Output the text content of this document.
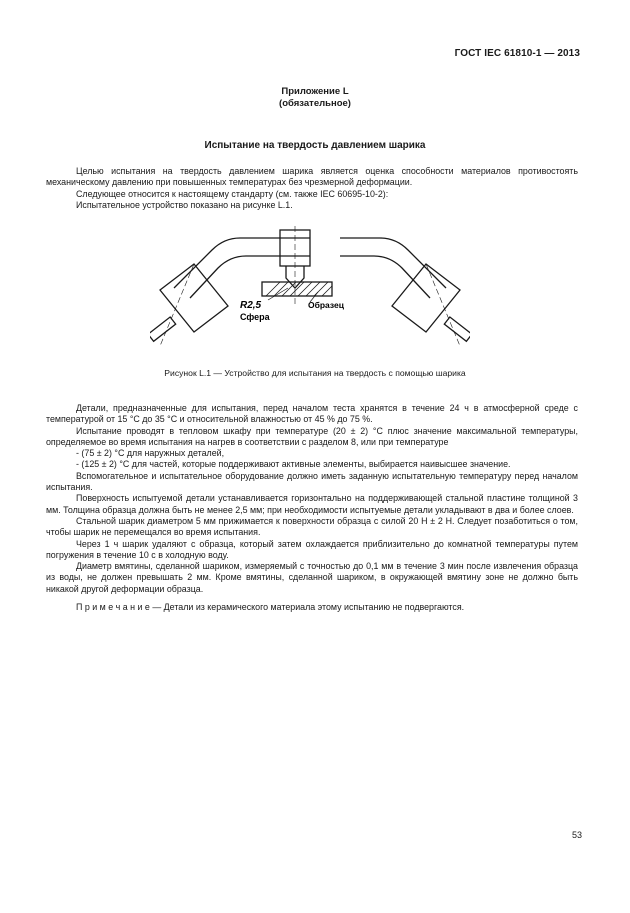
ГОСТ IEC 61810-1 — 2013
Приложение L
(обязательное)
Испытание на твердость давлением шарика

Целью испытания на твердость давлением шарика является оценка способности материалов противостоять механическому давлению при повышенных температурах без чрезмерной деформации.

Следующее относится к настоящему стандарту (см. также IEC 60695-10-2):

Испытательное устройство показано на рисунке L.1.

R2,5
Сфера
Образец
Рисунок L.1 — Устройство для испытания на твердость с помощью шарика

Детали, предназначенные для испытания, перед началом теста хранятся в течение 24 ч в атмосферной среде с температурой от 15 °С до 35 °С и относительной влажностью от 45 % до 75 %.

Испытание проводят в тепловом шкафу при температуре (20 ± 2) °С плюс значение максимальной температуры, определяемое во время испытания на нагрев в соответствии с разделом 8, или при температуре

- (75 ± 2) °С для наружных деталей,

- (125 ± 2) °С для частей, которые поддерживают активные элементы, выбирается наивысшее значение.

Вспомогательное и испытательное оборудование должно иметь заданную испытательную температуру перед началом испытания.

Поверхность испытуемой детали устанавливается горизонтально на поддерживающей стальной пластине толщиной 3 мм. Толщина образца должна быть не менее 2,5 мм; при необходимости испытуемые детали укладывают в два и более слоев.

Стальной шарик диаметром 5 мм прижимается к поверхности образца с силой 20 Н ± 2 Н. Следует позаботиться о том, чтобы шарик не перемещался во время испытания.

Через 1 ч шарик удаляют с образца, который затем охлаждается приблизительно до комнатной температуры путем погружения в течение 10 с в холодную воду.

Диаметр вмятины, сделанной шариком, измеряемый с точностью до 0,1 мм в течение 3 мин после извлечения образца из воды, не должен превышать 2 мм. Кроме вмятины, сделанной шариком, в окружающей вмятину зоне не должно быть никакой другой деформации образца.

П р и м е ч а н и е — Детали из керамического материала этому испытанию не подвергаются.

53
